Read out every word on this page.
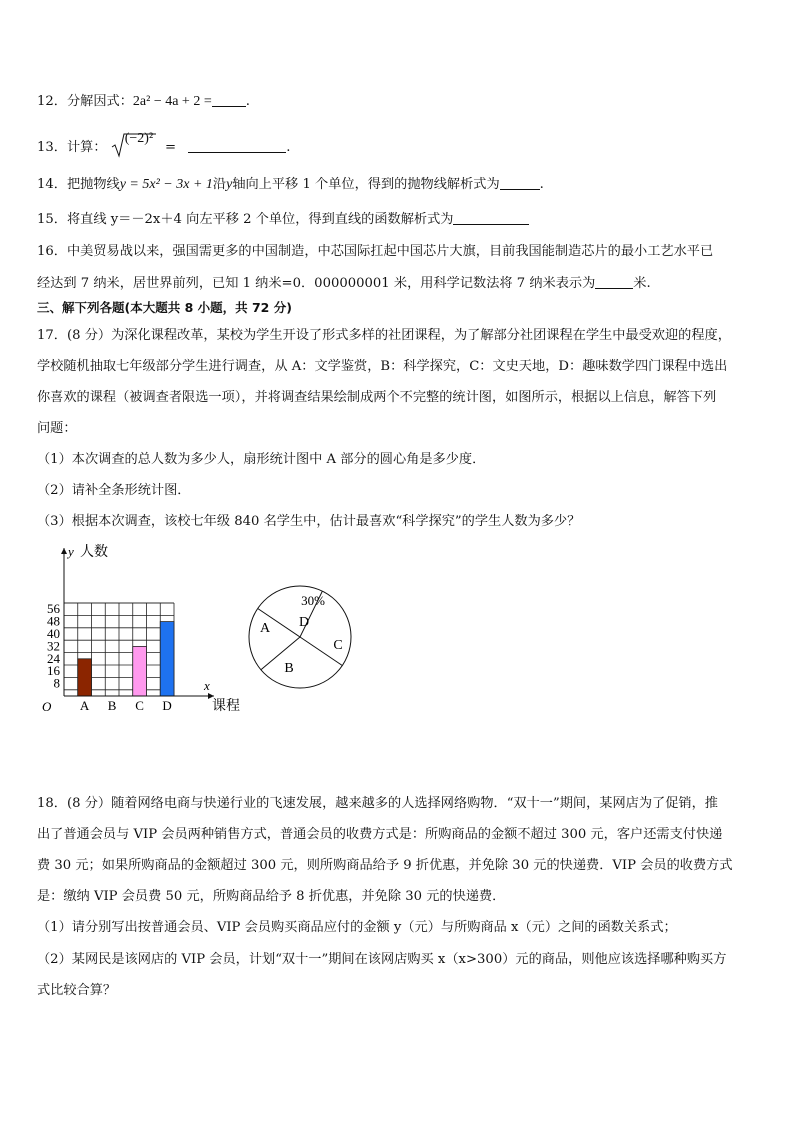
12．分解因式：2a² − 4a + 2 =	.
13．计算：
(−2)²
=	.
14．把抛物线y = 5x² − 3x + 1沿y轴向上平移 1 个单位，得到的抛物线解析式为	.
15．将直线 y＝－2x＋4 向左平移 2 个单位，得到直线的函数解析式为
16．中美贸易战以来，强国需更多的中国制造，中芯国际扛起中国芯片大旗，目前我国能制造芯片的最小工艺水平已
经达到 7 纳米，居世界前列，已知 1 纳米=0．000000001 米，用科学记数法将 7 纳米表示为	米.
三、解下列各题(本大题共 8 小题，共 72 分)
17．(8 分）为深化课程改革，某校为学生开设了形式多样的社团课程，为了解部分社团课程在学生中最受欢迎的程度，
学校随机抽取七年级部分学生进行调查，从 A：文学鉴赏，B：科学探究，C：文史天地，D：趣味数学四门课程中选出
你喜欢的课程（被调查者限选一项），并将调查结果绘制成两个不完整的统计图，如图所示，根据以上信息，解答下列
问题：
（1）本次调查的总人数为多少人，扇形统计图中 A 部分的圆心角是多少度．
（2）请补全条形统计图．
（3）根据本次调查，该校七年级 840 名学生中，估计最喜欢“科学探究”的学生人数为多少？
A B C D
8
16
24
32
40
48
56
y 人数
x
课程
O
A
B
C
D
30%
18．(8 分）随着网络电商与快递行业的飞速发展，越来越多的人选择网络购物．“双十一”期间，某网店为了促销，推
出了普通会员与 VIP 会员两种销售方式，普通会员的收费方式是：所购商品的金额不超过 300 元，客户还需支付快递
费 30 元；如果所购商品的金额超过 300 元，则所购商品给予 9 折优惠，并免除 30 元的快递费．VIP 会员的收费方式
是：缴纳 VIP 会员费 50 元，所购商品给予 8 折优惠，并免除 30 元的快递费．
（1）请分别写出按普通会员、VIP 会员购买商品应付的金额 y（元）与所购商品 x（元）之间的函数关系式；
（2）某网民是该网店的 VIP 会员，计划“双十一”期间在该网店购买 x（x>300）元的商品，则他应该选择哪种购买方
式比较合算？
